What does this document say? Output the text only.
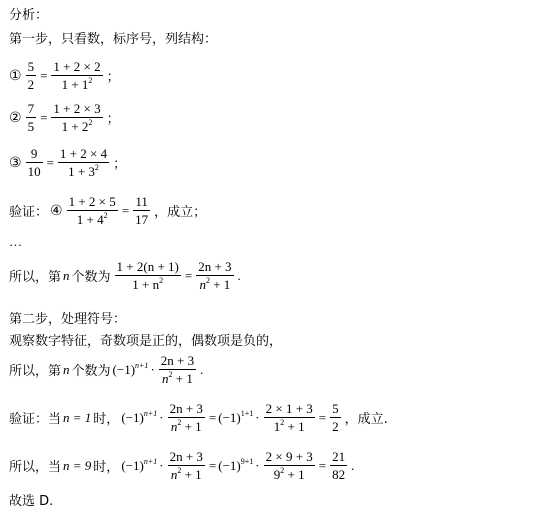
分析：
第一步，只看数，标序号，列结构：
① $\frac{5}{2} = \frac{1 + 2 \times 2}{1 + 1^2}$ ；
② $\frac{7}{5} = \frac{1 + 2 \times 3}{1 + 2^2}$ ；
③ $\frac{9}{10} = \frac{1 + 2 \times 4}{1 + 3^2}$ ；
验证： ④ $\frac{1 + 2 \times 5}{1 + 4^2} = \frac{11}{17}$ ，成立；
…
所以，第 n 个数为 $\frac{1 + 2(n + 1)}{1 + n^2} = \frac{2n + 3}{n^2 + 1}$ .
第二步，处理符号：
观察数字特征，奇数项是正的，偶数项是负的，
所以，第 n 个数为 $(-1)^{n+1} \cdot \frac{2n + 3}{n^2 + 1}$ .
验证：当 n = 1 时， $(-1)^{n+1} \cdot \frac{2n + 3}{n^2 + 1} = (-1)^{1+1} \cdot \frac{2 \times 1 + 3}{1^2 + 1} = \frac{5}{2}$ ，成立.
所以，当 n = 9 时， $(-1)^{n+1} \cdot \frac{2n + 3}{n^2 + 1} = (-1)^{9+1} \cdot \frac{2 \times 9 + 3}{9^2 + 1} = \frac{21}{82}$ .
故选 D.
